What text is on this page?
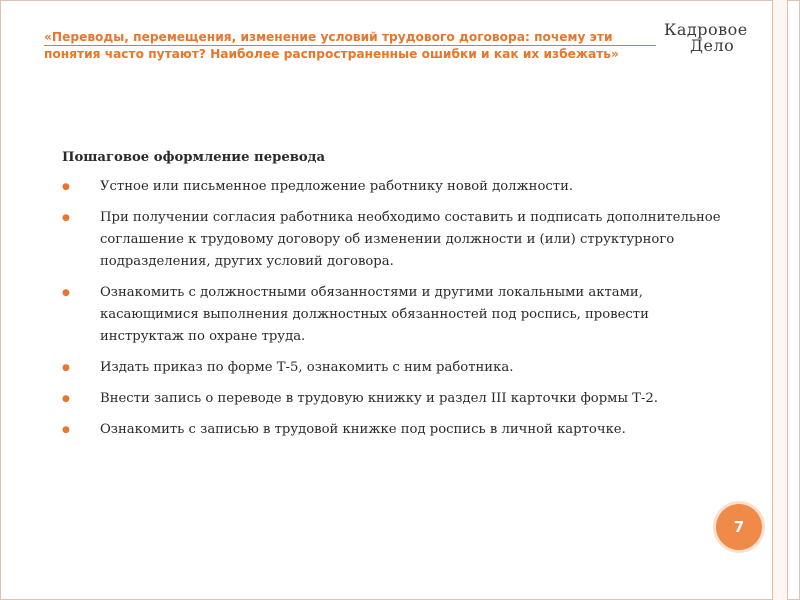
«Переводы, перемещения, изменение условий трудового договора: почему эти понятия часто путают? Наиболее распространенные ошибки и как их избежать»
Кадровое
Дело
Пошаговое оформление перевода
● Устное или письменное предложение работнику новой должности.
● При получении согласия работника необходимо составить и подписать дополнительное соглашение к трудовому договору об изменении должности и (или) структурного подразделения, других условий договора.
● Ознакомить с должностными обязанностями и другими локальными актами, касающимися выполнения должностных обязанностей под роспись, провести инструктаж по охране труда.
● Издать приказ по форме Т-5, ознакомить с ним работника.
● Внести запись о переводе в трудовую книжку и раздел III карточки формы Т-2.
● Ознакомить с записью в трудовой книжке под роспись в личной карточке.
7
